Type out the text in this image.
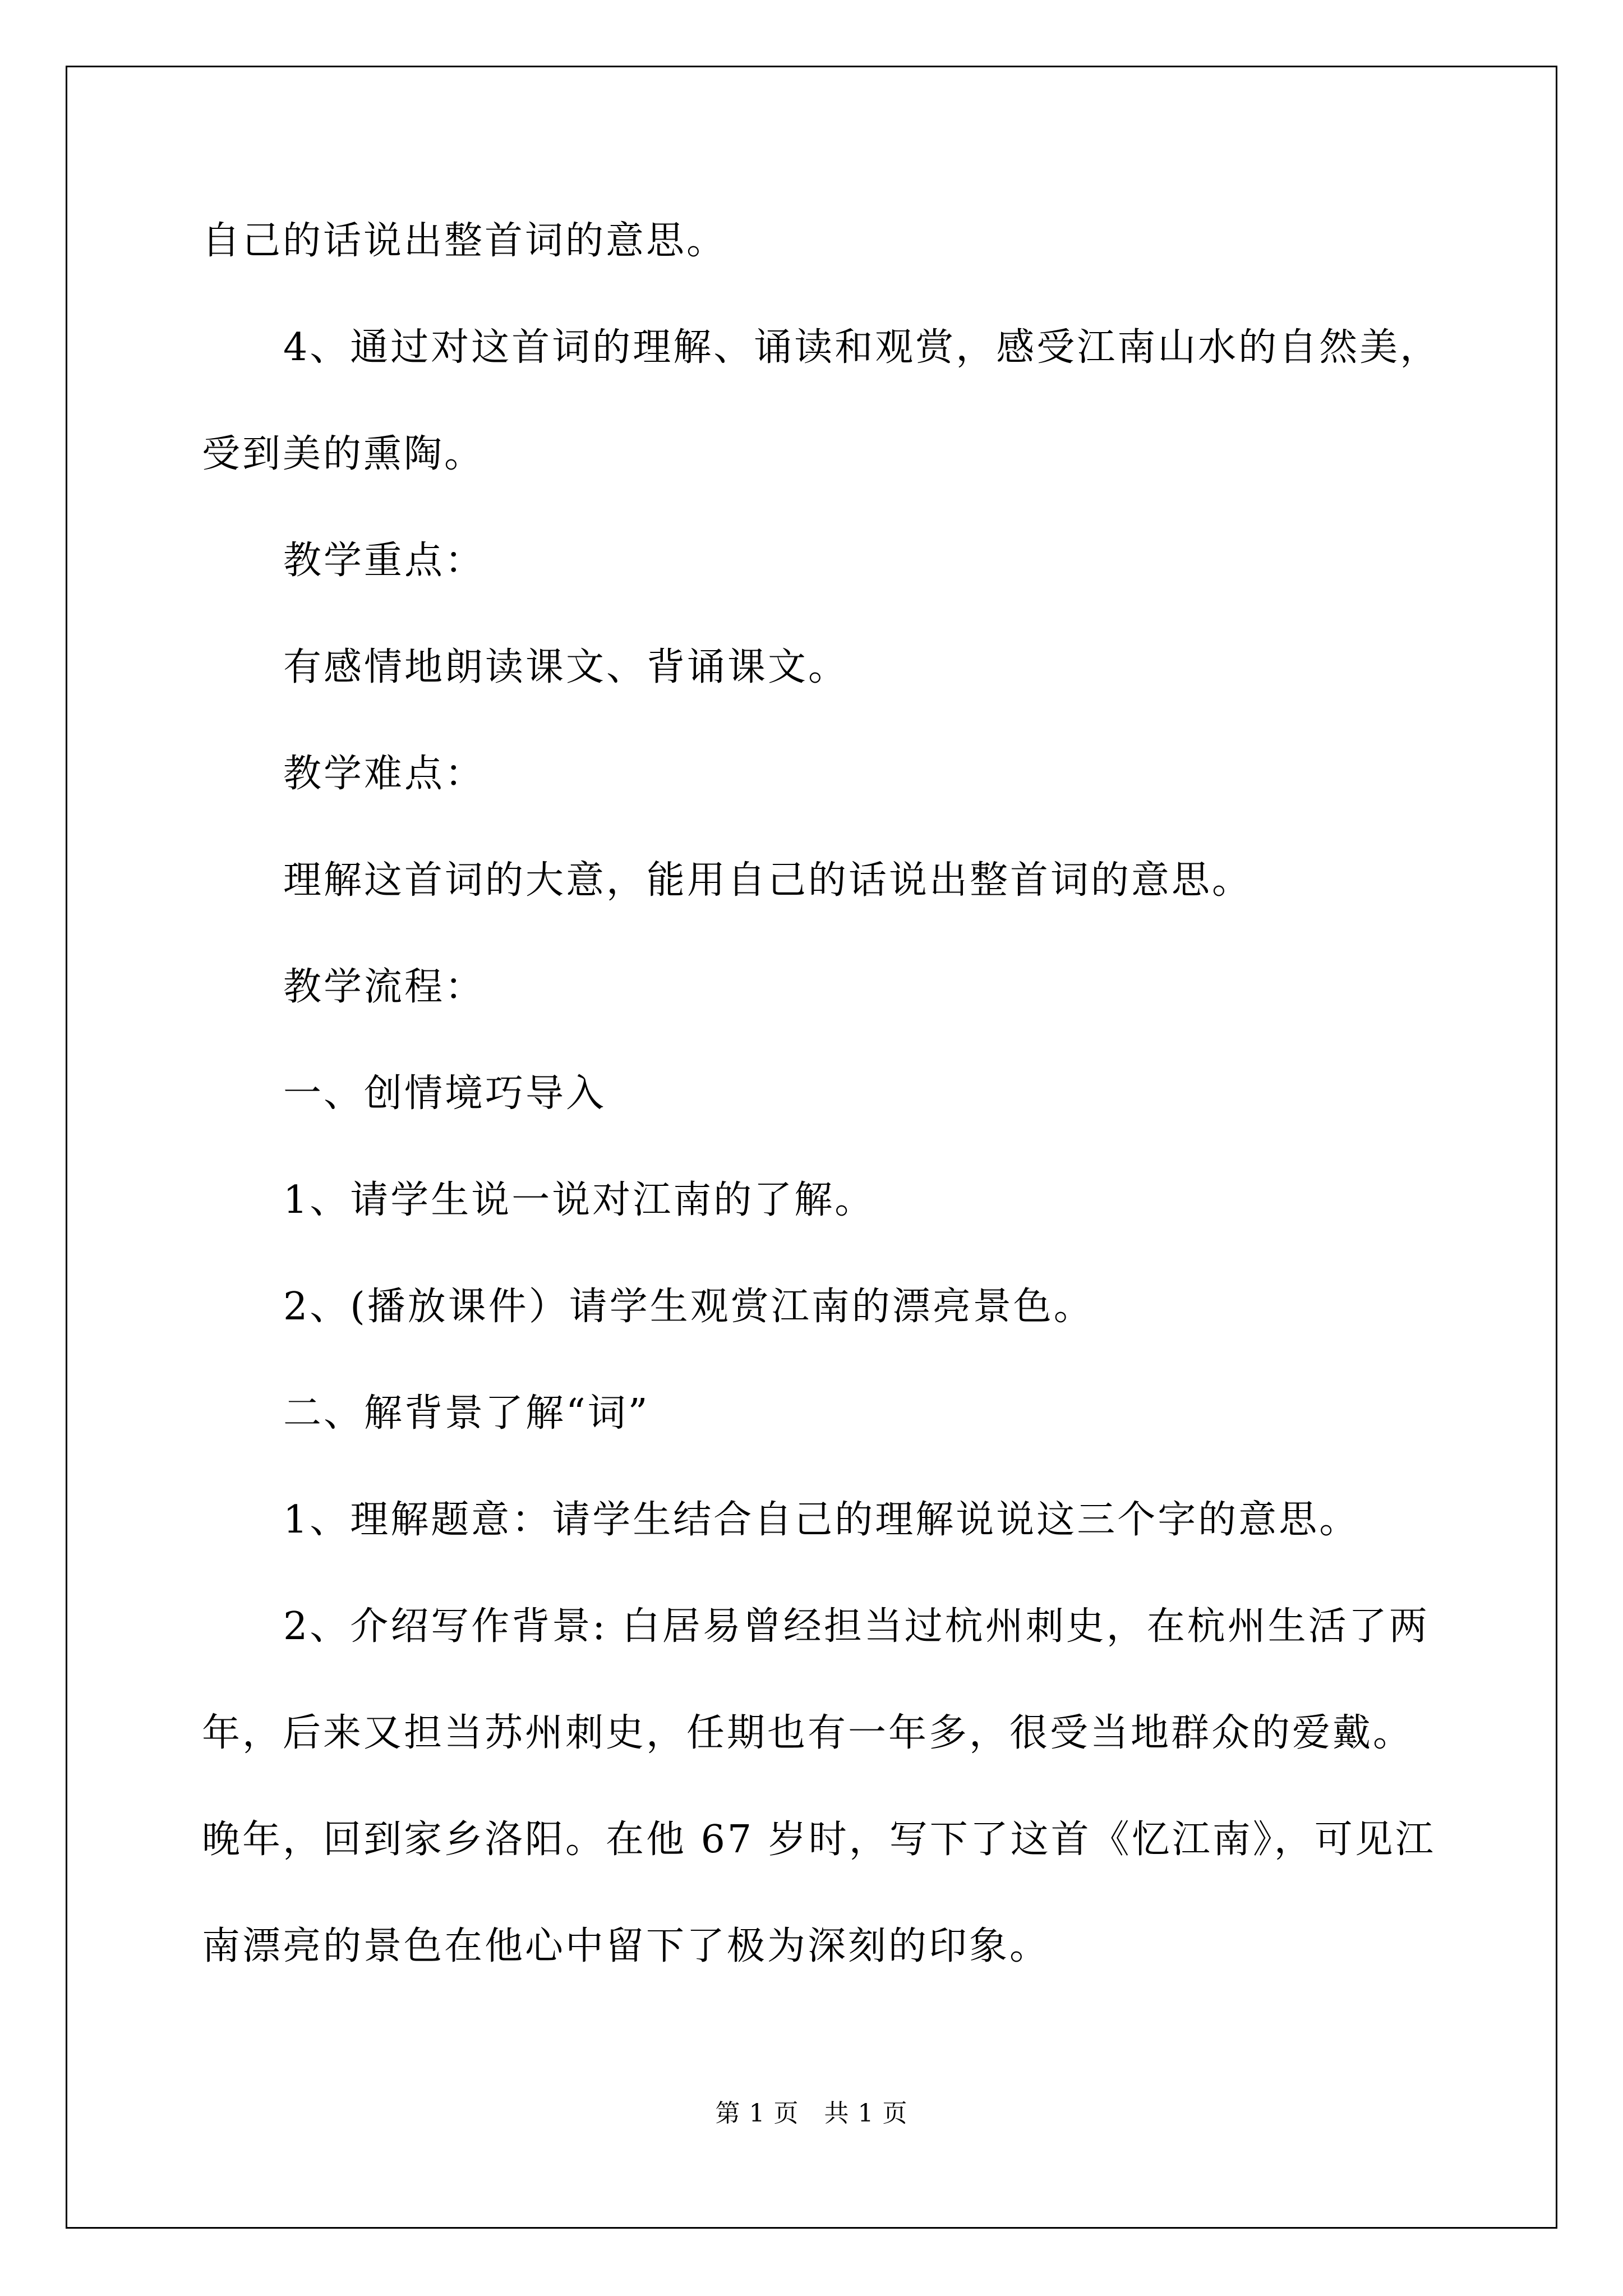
自己的话说出整首词的意思。
4、通过对这首词的理解、诵读和观赏，感受江南山水的自然美，
受到美的熏陶。
教学重点：
有感情地朗读课文、背诵课文。
教学难点：
理解这首词的大意，能用自己的话说出整首词的意思。
教学流程：
一、创情境巧导入
1、请学生说一说对江南的了解。
2、(播放课件）请学生观赏江南的漂亮景色。
二、解背景了解“词”
1、理解题意：请学生结合自己的理解说说这三个字的意思。
2、介绍写作背景: 白居易曾经担当过杭州刺史，在杭州生活了两
年，后来又担当苏州刺史，任期也有一年多，很受当地群众的爱戴。
晚年，回到家乡洛阳。在他 67 岁时，写下了这首《忆江南》，可见江
南漂亮的景色在他心中留下了极为深刻的印象。
第 1 页　共 1 页
